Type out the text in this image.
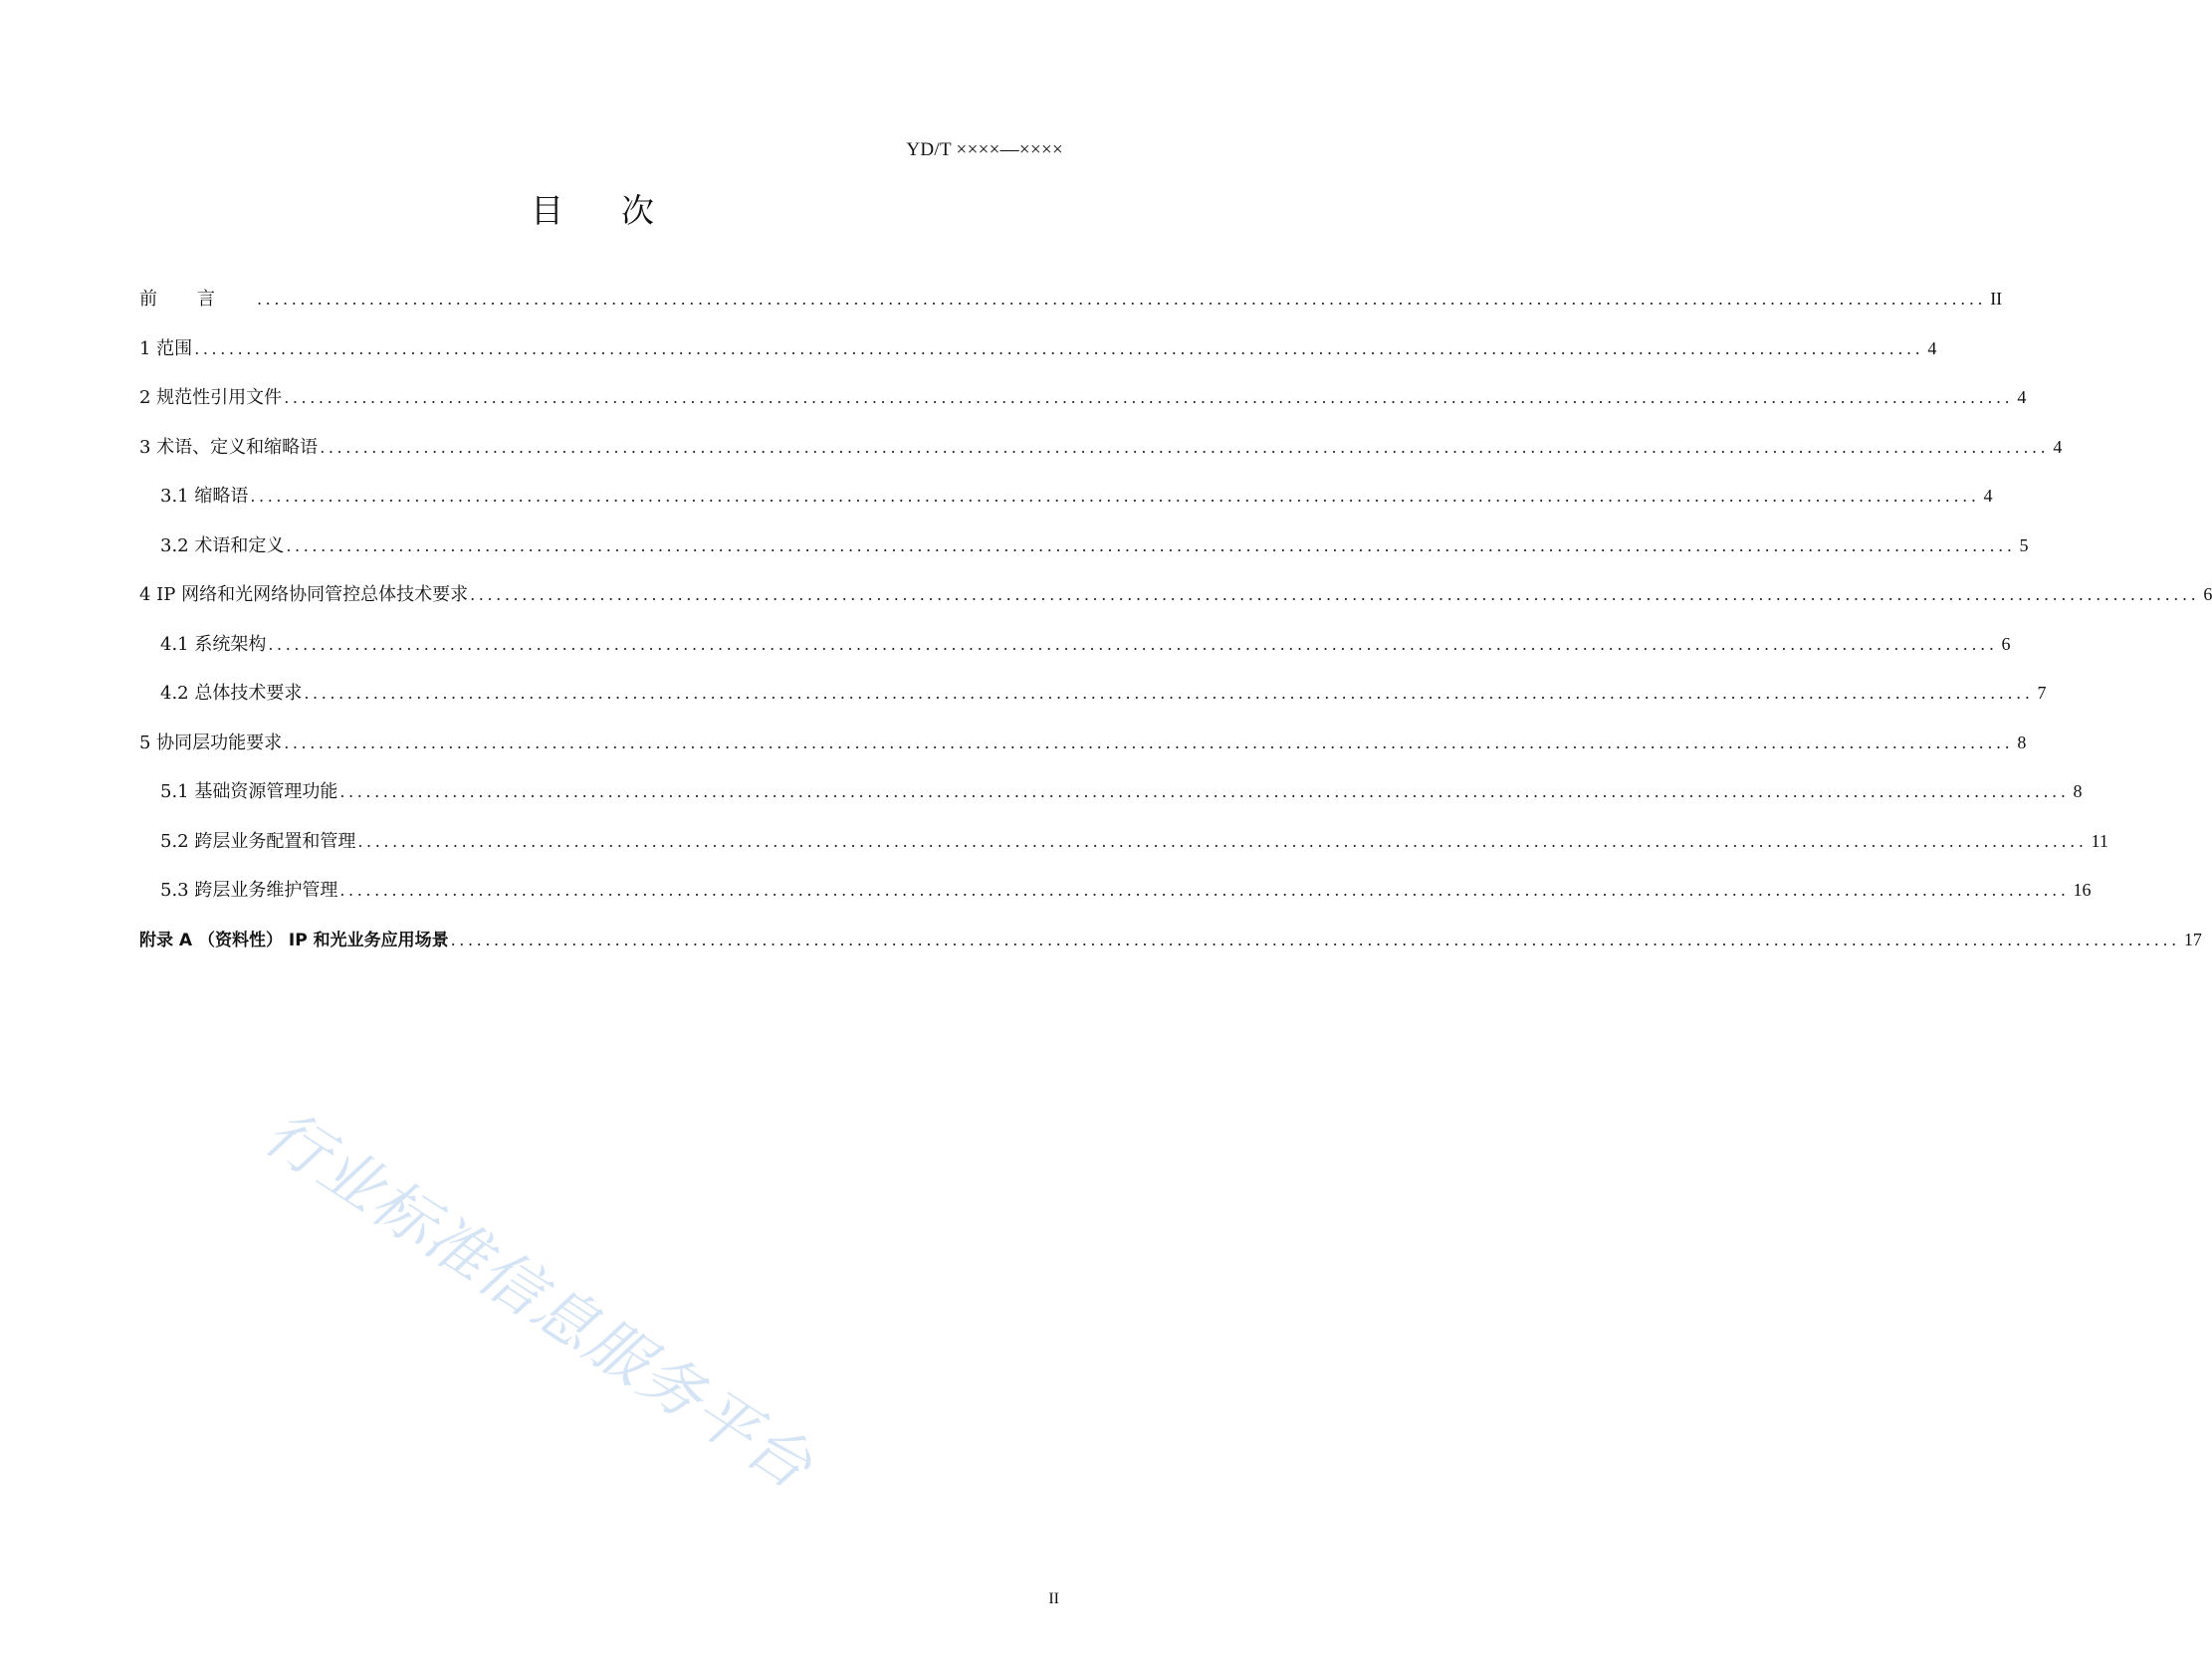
YD/T ××××—××××
目次
前言 ........................................................................................................................................................................................................ II
1 范围 ........................................................................................................................................................................................................ 4
2 规范性引用文件 ........................................................................................................................................................................................................ 4
3 术语、定义和缩略语 ........................................................................................................................................................................................................ 4
3.1 缩略语 ........................................................................................................................................................................................................ 4
3.2 术语和定义 ........................................................................................................................................................................................................ 5
4 IP 网络和光网络协同管控总体技术要求 ........................................................................................................................................................................................................ 6
4.1 系统架构 ........................................................................................................................................................................................................ 6
4.2 总体技术要求 ........................................................................................................................................................................................................ 7
5 协同层功能要求 ........................................................................................................................................................................................................ 8
5.1 基础资源管理功能 ........................................................................................................................................................................................................ 8
5.2 跨层业务配置和管理 ........................................................................................................................................................................................................ 11
5.3 跨层业务维护管理 ........................................................................................................................................................................................................ 16
附录 A （资料性） IP 和光业务应用场景 ........................................................................................................................................................................................................ 17
行业标准信息服务平台
II
